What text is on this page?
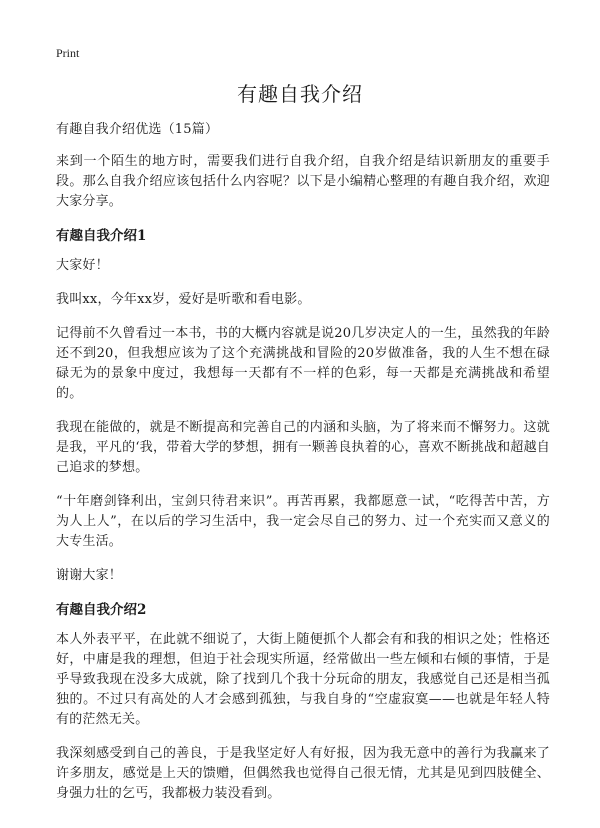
Print
有趣自我介绍

有趣自我介绍优选（15篇）

来到一个陌生的地方时，需要我们进行自我介绍，自我介绍是结识新朋友的重要手段。那么自我介绍应该包括什么内容呢？以下是小编精心整理的有趣自我介绍，欢迎大家分享。

有趣自我介绍1

大家好！

我叫xx，今年xx岁，爱好是听歌和看电影。

记得前不久曾看过一本书，书的大概内容就是说20几岁决定人的一生，虽然我的年龄还不到20，但我想应该为了这个充满挑战和冒险的20岁做准备，我的人生不想在碌碌无为的景象中度过，我想每一天都有不一样的色彩，每一天都是充满挑战和希望的。

我现在能做的，就是不断提高和完善自己的内涵和头脑，为了将来而不懈努力。这就是我，平凡的‘我，带着大学的梦想，拥有一颗善良执着的心，喜欢不断挑战和超越自己追求的梦想。

“十年磨剑锋利出，宝剑只待君来识”。再苦再累，我都愿意一试，“吃得苦中苦，方为人上人”，在以后的学习生活中，我一定会尽自己的努力、过一个充实而又意义的大专生活。

谢谢大家！

有趣自我介绍2

本人外表平平，在此就不细说了，大街上随便抓个人都会有和我的相识之处；性格还好，中庸是我的理想，但迫于社会现实所逼，经常做出一些左倾和右倾的事情，于是乎导致我现在没多大成就，除了找到几个我十分玩命的朋友，我感觉自己还是相当孤独的。不过只有高处的人才会感到孤独，与我自身的“空虚寂寞——也就是年轻人特有的茫然无关。

我深刻感受到自己的善良，于是我坚定好人有好报，因为我无意中的善行为我赢来了许多朋友，感觉是上天的馈赠，但偶然我也觉得自己很无情，尤其是见到四肢健全、身强力壮的乞丐，我都极力装没看到。
